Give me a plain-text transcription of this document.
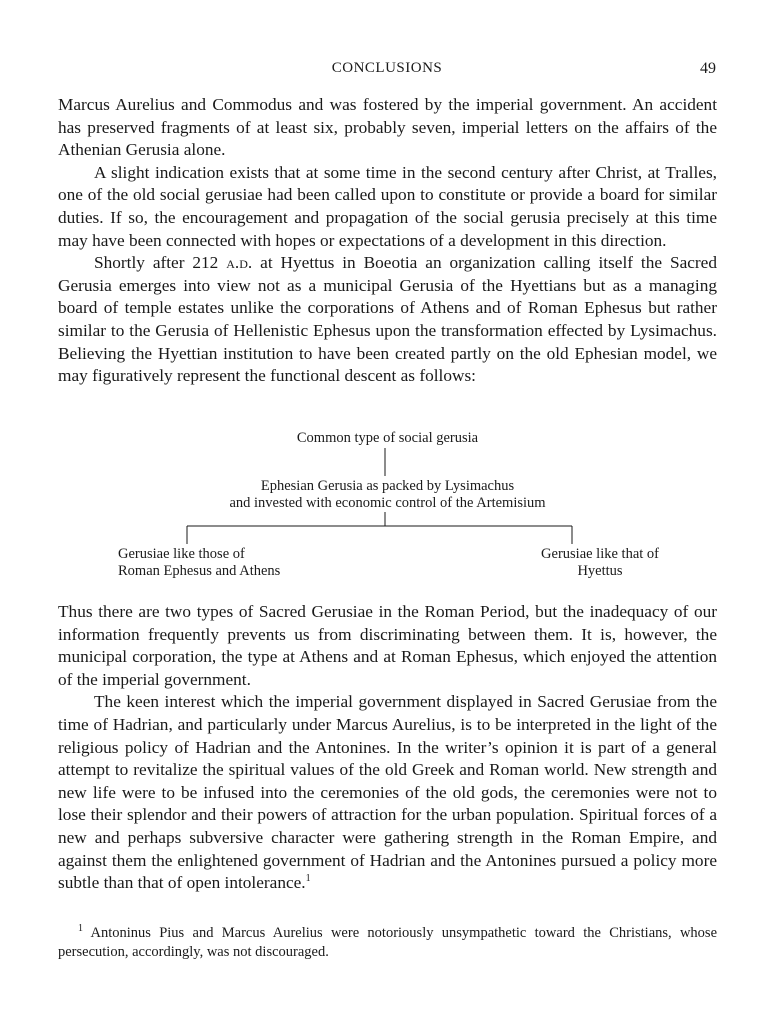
CONCLUSIONS	49

Marcus Aurelius and Commodus and was fostered by the imperial government. An accident has preserved fragments of at least six, probably seven, imperial letters on the affairs of the Athenian Gerusia alone.

A slight indication exists that at some time in the second century after Christ, at Tralles, one of the old social gerusiae had been called upon to constitute or provide a board for similar duties. If so, the encouragement and propagation of the social gerusia precisely at this time may have been connected with hopes or expectations of a development in this direction.

Shortly after 212 a.d. at Hyettus in Boeotia an organization calling itself the Sacred Gerusia emerges into view not as a municipal Gerusia of the Hyettians but as a managing board of temple estates unlike the corporations of Athens and of Roman Ephesus but rather similar to the Gerusia of Hellenistic Ephesus upon the transformation effected by Lysimachus. Believing the Hyettian institution to have been created partly on the old Ephesian model, we may figuratively represent the functional descent as follows:

Common type of social gerusia
Ephesian Gerusia as packed by Lysimachus
and invested with economic control of the Artemisium
Gerusiae like those of
Roman Ephesus and Athens
Gerusiae like that of
Hyettus

Thus there are two types of Sacred Gerusiae in the Roman Period, but the inadequacy of our information frequently prevents us from discriminating between them. It is, however, the municipal corporation, the type at Athens and at Roman Ephesus, which enjoyed the attention of the imperial government.

The keen interest which the imperial government displayed in Sacred Gerusiae from the time of Hadrian, and particularly under Marcus Aurelius, is to be interpreted in the light of the religious policy of Hadrian and the Antonines. In the writer’s opinion it is part of a general attempt to revitalize the spiritual values of the old Greek and Roman world. New strength and new life were to be infused into the ceremonies of the old gods, the ceremonies were not to lose their splendor and their powers of attraction for the urban population. Spiritual forces of a new and perhaps subversive character were gathering strength in the Roman Empire, and against them the enlightened government of Hadrian and the Antonines pursued a policy more subtle than that of open intolerance.$^1$

$^1$ Antoninus Pius and Marcus Aurelius were notoriously unsympathetic toward the Christians, whose persecution, accordingly, was not discouraged.
